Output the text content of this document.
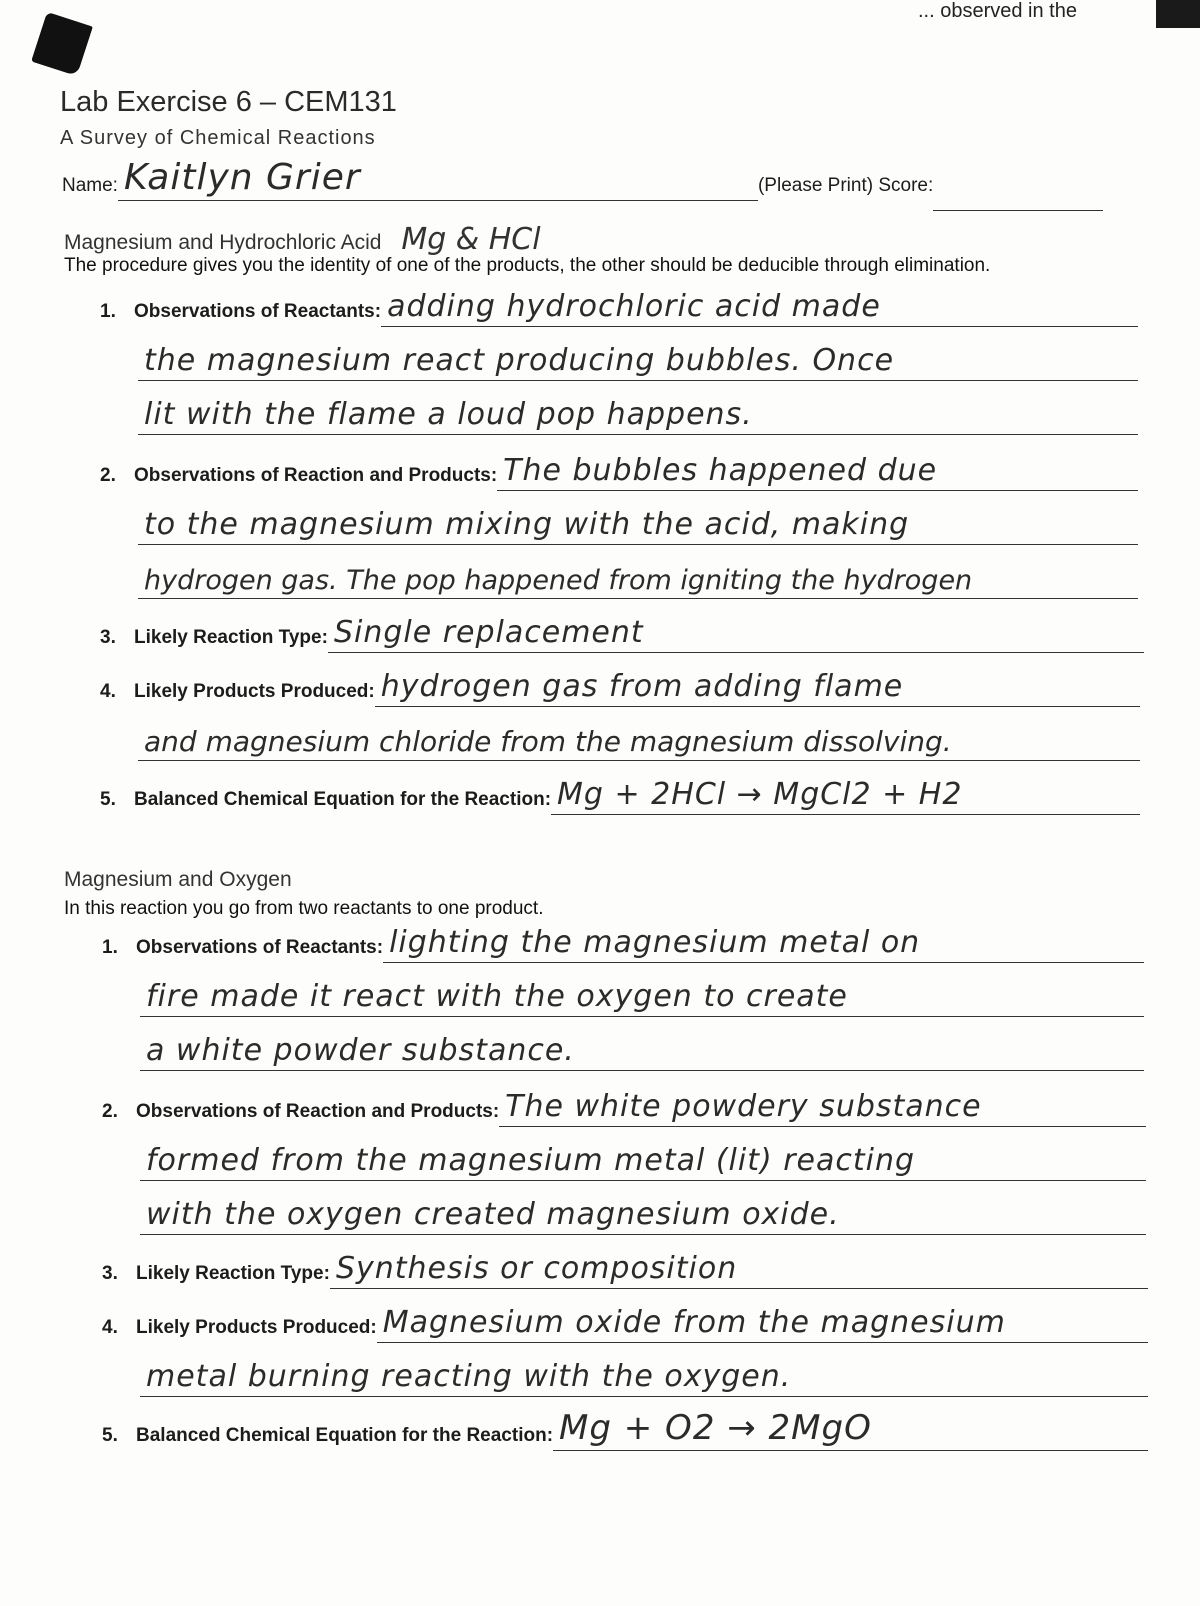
... observed in the
Lab Exercise 6 – CEM131
A Survey of Chemical Reactions
Name: Kaitlyn Grier	(Please Print) Score:
Magnesium and Hydrochloric Acid Mg & HCl
The procedure gives you the identity of one of the products, the other should be deducible through elimination.
1. Observations of Reactants: adding hydrochloric acid made
the magnesium react producing bubbles. Once
lit with the flame a loud pop happens.
2. Observations of Reaction and Products: The bubbles happened due
to the magnesium mixing with the acid, making
hydrogen gas. The pop happened from igniting the hydrogen
3. Likely Reaction Type: Single replacement
4. Likely Products Produced: hydrogen gas from adding flame
and magnesium chloride from the magnesium dissolving.
5. Balanced Chemical Equation for the Reaction: Mg + 2HCl → MgCl2 + H2
Magnesium and Oxygen
In this reaction you go from two reactants to one product.
1. Observations of Reactants: lighting the magnesium metal on
fire made it react with the oxygen to create
a white powder substance.
2. Observations of Reaction and Products: The white powdery substance
formed from the magnesium metal (lit) reacting
with the oxygen created magnesium oxide.
3. Likely Reaction Type: Synthesis or composition
4. Likely Products Produced: Magnesium oxide from the magnesium
metal burning reacting with the oxygen.
5. Balanced Chemical Equation for the Reaction: Mg + O2 → 2MgO
